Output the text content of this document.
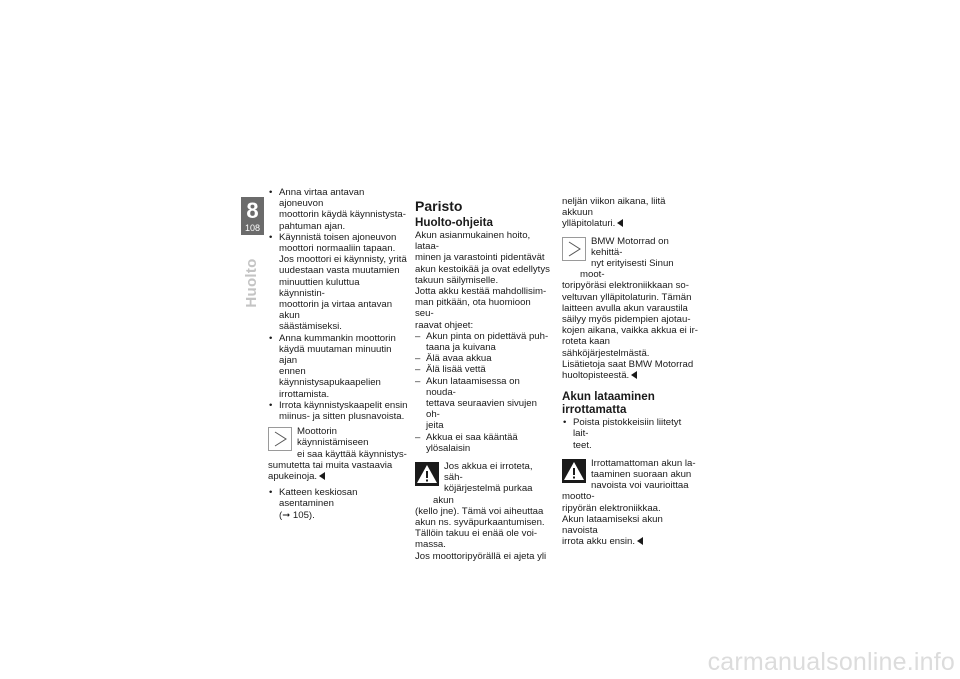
8
108
Huolto
• Anna virtaa antavan ajoneuvon
moottorin käydä käynnistysta-
pahtuman ajan.
• Käynnistä toisen ajoneuvon
moottori normaaliin tapaan.
Jos moottori ei käynnisty, yritä
uudestaan vasta muutamien
minuuttien kuluttua käynnistin-
moottorin ja virtaa antavan akun
säästämiseksi.
• Anna kummankin moottorin
käydä muutaman minuutin ajan
ennen käynnistysapukaapelien
irrottamista.
• Irrota käynnistyskaapelit ensin
miinus- ja sitten plusnavoista.
Moottorin käynnistämiseen
ei saa käyttää käynnistys-
sumutetta tai muita vastaavia
apukeinoja.
• Katteen keskiosan asentaminen
(➞ 105).
Paristo
Huolto-ohjeita

Akun asianmukainen hoito, lataa-
minen ja varastointi pidentävät
akun kestoikää ja ovat edellytys
takuun säilymiselle.

Jotta akku kestää mahdollisim-
man pitkään, ota huomioon seu-
raavat ohjeet:

– Akun pinta on pidettävä puh-
taana ja kuivana
– Älä avaa akkua
– Älä lisää vettä
– Akun lataamisessa on nouda-
tettava seuraavien sivujen oh-
jeita
– Akkua ei saa kääntää ylösalaisin
Jos akkua ei irroteta, säh-
köjärjestelmä purkaa akun
(kello jne). Tämä voi aiheuttaa
akun ns. syväpurkaantumisen.
Tällöin takuu ei enää ole voi-
massa.
Jos moottoripyörällä ei ajeta yli
neljän viikon aikana, liitä akkuun
ylläpitolaturi.
BMW Motorrad on kehittä-
nyt erityisesti Sinun moot-
toripyöräsi elektroniikkaan so-
veltuvan ylläpitolaturin. Tämän
laitteen avulla akun varaustila
säilyy myös pidempien ajotau-
kojen aikana, vaikka akkua ei ir-
roteta kaan sähköjärjestelmästä.
Lisätietoja saat BMW Motorrad
huoltopisteestä.
Akun lataaminen
irrottamatta
• Poista pistokkeisiin liitetyt lait-
teet.
Irrottamattoman akun la-
taaminen suoraan akun
navoista voi vaurioittaa mootto-
ripyörän elektroniikkaa.
Akun lataamiseksi akun navoista
irrota akku ensin.
carmanualsonline.info
